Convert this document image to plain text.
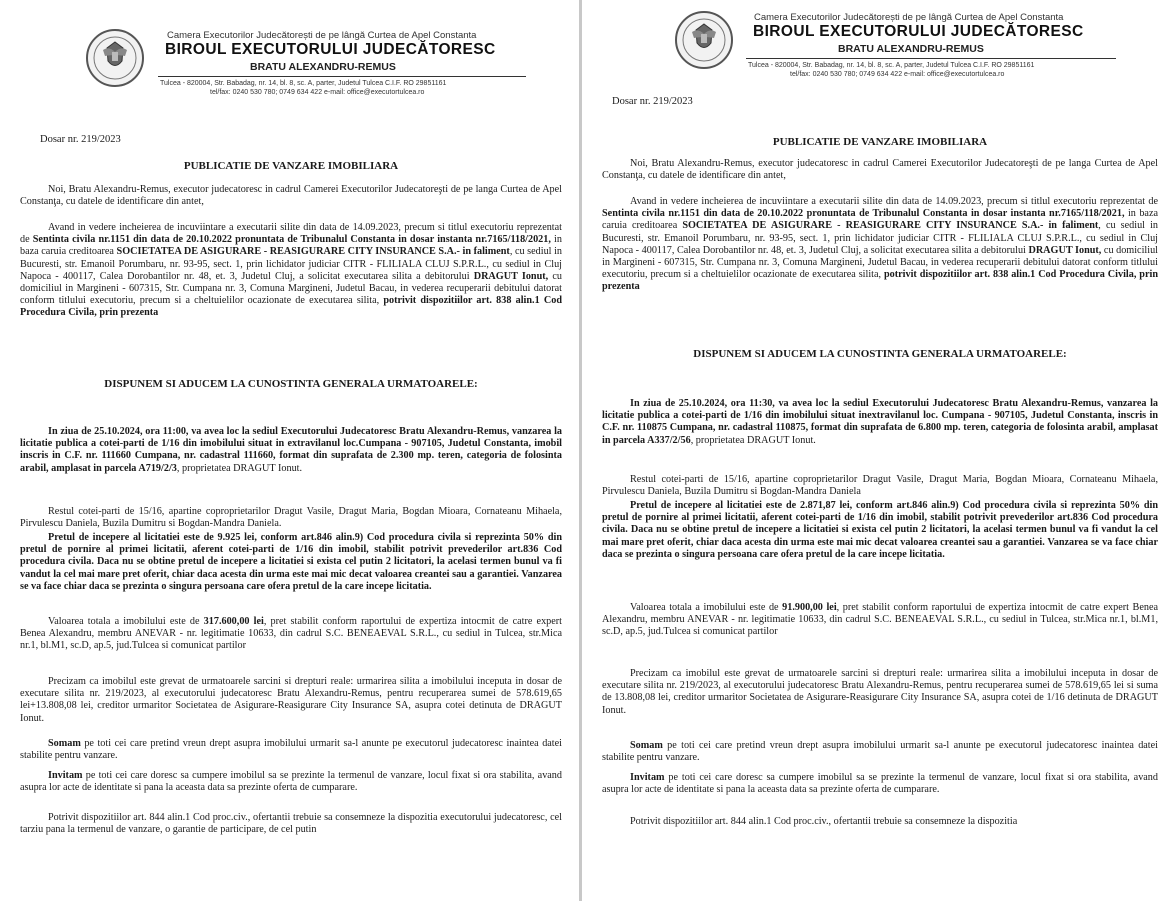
Camera Executorilor Judecătorești de pe lângă Curtea de Apel Constanta
BIROUL EXECUTORULUI JUDECĂTORESC
BRATU ALEXANDRU-REMUS
Tulcea - 820004, Str. Babadag, nr. 14, bl. 8, sc. A, parter, Judetul Tulcea C.I.F. RO 29851161
tel/fax: 0240 530 780; 0749 634 422 e-mail: office@executortulcea.ro
Dosar nr. 219/2023
PUBLICATIE DE VANZARE IMOBILIARA

Noi, Bratu Alexandru-Remus, executor judecatoresc in cadrul Camerei Executorilor Judecatoreşti de pe langa Curtea de Apel Constanţa, cu datele de identificare din antet,

Avand in vedere incheierea de incuviintare a executarii silite din data de 14.09.2023, precum si titlul executoriu reprezentat de Sentinta civila nr.1151 din data de 20.10.2022 pronuntata de Tribunalul Constanta in dosar instanta nr.7165/118/2021, in baza caruia creditoarea SOCIETATEA DE ASIGURARE - REASIGURARE CITY INSURANCE S.A.- in faliment, cu sediul in Bucuresti, str. Emanoil Porumbaru, nr. 93-95, sect. 1, prin lichidator judiciar CITR - FLILIALA CLUJ S.P.R.L., cu sediul in Cluj Napoca - 400117, Calea Dorobantilor nr. 48, et. 3, Judetul Cluj, a solicitat executarea silita a debitorului DRAGUT Ionut, cu domiciliul in Margineni - 607315, Str. Cumpana nr. 3, Comuna Margineni, Judetul Bacau, in vederea recuperarii debitului datorat conform titlului executoriu, precum si a cheltuielilor ocazionate de executarea silita, potrivit dispozitiilor art. 838 alin.1 Cod Procedura Civila, prin prezenta

DISPUNEM SI ADUCEM LA CUNOSTINTA GENERALA URMATOARELE:

In ziua de 25.10.2024, ora 11:00, va avea loc la sediul Executorului Judecatoresc Bratu Alexandru-Remus, vanzarea la licitatie publica a cotei-parti de 1/16 din imobilului situat in extravilanul loc.Cumpana - 907105, Judetul Constanta, imobil inscris in C.F. nr. 111660 Cumpana, nr. cadastral 111660, format din suprafata de 2.300 mp. teren, categoria de folosinta arabil, amplasat in parcela A719/2/3, proprietatea DRAGUT Ionut.

Restul cotei-parti de 15/16, apartine coproprietarilor Dragut Vasile, Dragut Maria, Bogdan Mioara, Cornateanu Mihaela, Pirvulescu Daniela, Buzila Dumitru si Bogdan-Mandra Daniela.

Pretul de incepere al licitatiei este de 9.925 lei, conform art.846 alin.9) Cod procedura civila si reprezinta 50% din pretul de pornire al primei licitatii, aferent cotei-parti de 1/16 din imobil, stabilit potrivit prevederilor art.836 Cod procedura civila. Daca nu se obtine pretul de incepere a licitatiei si exista cel putin 2 licitatori, la acelasi termen bunul va fi vandut la cel mai mare pret oferit, chiar daca acesta din urma este mai mic decat valoarea creantei sau a garantiei. Vanzarea se va face chiar daca se prezinta o singura persoana care ofera pretul de la care incepe licitatia.

Valoarea totala a imobilului este de 317.600,00 lei, pret stabilit conform raportului de expertiza intocmit de catre expert Benea Alexandru, membru ANEVAR - nr. legitimatie 10633, din cadrul S.C. BENEAEVAL S.R.L., cu sediul in Tulcea, str.Mica nr.1, bl.M1, sc.D, ap.5, jud.Tulcea si comunicat partilor

Precizam ca imobilul este grevat de urmatoarele sarcini si drepturi reale: urmarirea silita a imobilului inceputa in dosar de executare silita nr. 219/2023, al executorului judecatoresc Bratu Alexandru-Remus, pentru recuperarea sumei de 578.619,65 lei+13.808,08 lei, creditor urmaritor Societatea de Asigurare-Reasigurare City Insurance SA, asupra cotei detinuta de DRAGUT Ionut.

Somam pe toti cei care pretind vreun drept asupra imobilului urmarit sa-l anunte pe executorul judecatoresc inaintea datei stabilite pentru vanzare.

Invitam pe toti cei care doresc sa cumpere imobilul sa se prezinte la termenul de vanzare, locul fixat si ora stabilita, avand asupra lor acte de identitate si pana la aceasta data sa prezinte oferta de cumparare.

Potrivit dispozitiilor art. 844 alin.1 Cod proc.civ., ofertantii trebuie sa consemneze la dispozitia executorului judecatoresc, cel tarziu pana la termenul de vanzare, o garantie de participare, de cel putin

Camera Executorilor Judecătorești de pe lângă Curtea de Apel Constanta
BIROUL EXECUTORULUI JUDECĂTORESC
BRATU ALEXANDRU-REMUS
Tulcea - 820004, Str. Babadag, nr. 14, bl. 8, sc. A, parter, Judetul Tulcea C.I.F. RO 29851161
tel/fax: 0240 530 780; 0749 634 422 e-mail: office@executortulcea.ro
Dosar nr. 219/2023
PUBLICATIE DE VANZARE IMOBILIARA

Noi, Bratu Alexandru-Remus, executor judecatoresc in cadrul Camerei Executorilor Judecatoreşti de pe langa Curtea de Apel Constanţa, cu datele de identificare din antet,

Avand in vedere incheierea de incuviintare a executarii silite din data de 14.09.2023, precum si titlul executoriu reprezentat de Sentinta civila nr.1151 din data de 20.10.2022 pronuntata de Tribunalul Constanta in dosar instanta nr.7165/118/2021, in baza caruia creditoarea SOCIETATEA DE ASIGURARE - REASIGURARE CITY INSURANCE S.A.- in faliment, cu sediul in Bucuresti, str. Emanoil Porumbaru, nr. 93-95, sect. 1, prin lichidator judiciar CITR - FLILIALA CLUJ S.P.R.L., cu sediul in Cluj Napoca - 400117, Calea Dorobantilor nr. 48, et. 3, Judetul Cluj, a solicitat executarea silita a debitorului DRAGUT Ionut, cu domiciliul in Margineni - 607315, Str. Cumpana nr. 3, Comuna Margineni, Judetul Bacau, in vederea recuperarii debitului datorat conform titlului executoriu, precum si a cheltuielilor ocazionate de executarea silita, potrivit dispozitiilor art. 838 alin.1 Cod Procedura Civila, prin prezenta

DISPUNEM SI ADUCEM LA CUNOSTINTA GENERALA URMATOARELE:

In ziua de 25.10.2024, ora 11:30, va avea loc la sediul Executorului Judecatoresc Bratu Alexandru-Remus, vanzarea la licitatie publica a cotei-parti de 1/16 din imobilului situat inextravilanul loc. Cumpana - 907105, Judetul Constanta, inscris in C.F. nr. 110875 Cumpana, nr. cadastral 110875, format din suprafata de 6.800 mp. teren, categoria de folosinta arabil, amplasat in parcela A337/2/56, proprietatea DRAGUT Ionut.

Restul cotei-parti de 15/16, apartine coproprietarilor Dragut Vasile, Dragut Maria, Bogdan Mioara, Cornateanu Mihaela, Pirvulescu Daniela, Buzila Dumitru si Bogdan-Mandra Daniela

Pretul de incepere al licitatiei este de 2.871,87 lei, conform art.846 alin.9) Cod procedura civila si reprezinta 50% din pretul de pornire al primei licitatii, aferent cotei-parti de 1/16 din imobil, stabilit potrivit prevederilor art.836 Cod procedura civila. Daca nu se obtine pretul de incepere a licitatiei si exista cel putin 2 licitatori, la acelasi termen bunul va fi vandut la cel mai mare pret oferit, chiar daca acesta din urma este mai mic decat valoarea creantei sau a garantiei. Vanzarea se va face chiar daca se prezinta o singura persoana care ofera pretul de la care incepe licitatia.

Valoarea totala a imobilului este de 91.900,00 lei, pret stabilit conform raportului de expertiza intocmit de catre expert Benea Alexandru, membru ANEVAR - nr. legitimatie 10633, din cadrul S.C. BENEAEVAL S.R.L., cu sediul in Tulcea, str.Mica nr.1, bl.M1, sc.D, ap.5, jud.Tulcea si comunicat partilor

Precizam ca imobilul este grevat de urmatoarele sarcini si drepturi reale: urmarirea silita a imobilului inceputa in dosar de executare silita nr. 219/2023, al executorului judecatoresc Bratu Alexandru-Remus, pentru recuperarea sumei de 578.619,65 lei si suma de 13.808,08 lei, creditor urmaritor Societatea de Asigurare-Reasigurare City Insurance SA, asupra cotei de 1/16 detinuta de DRAGUT Ionut.

Somam pe toti cei care pretind vreun drept asupra imobilului urmarit sa-l anunte pe executorul judecatoresc inaintea datei stabilite pentru vanzare.

Invitam pe toti cei care doresc sa cumpere imobilul sa se prezinte la termenul de vanzare, locul fixat si ora stabilita, avand asupra lor acte de identitate si pana la aceasta data sa prezinte oferta de cumparare.

Potrivit dispozitiilor art. 844 alin.1 Cod proc.civ., ofertantii trebuie sa consemneze la dispozitia
